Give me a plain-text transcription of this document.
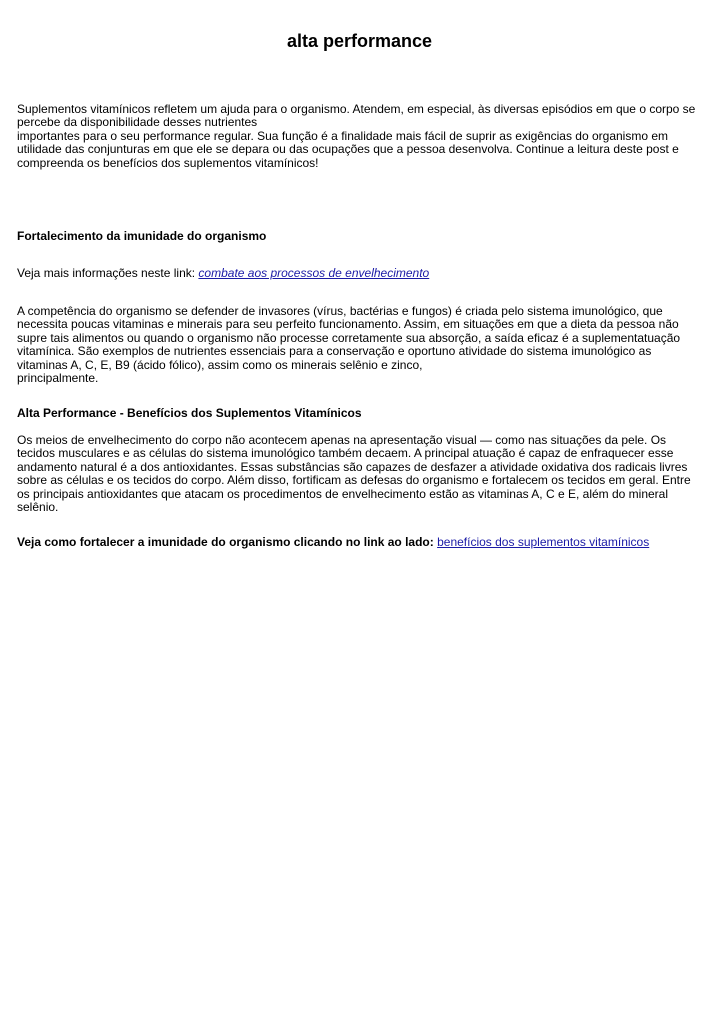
alta performance

Suplementos vitamínicos refletem um ajuda para o organismo. Atendem, em especial, às diversas episódios em que o corpo se
percebe da disponibilidade desses nutrientes
importantes para o seu performance regular. Sua função é a finalidade mais fácil de suprir as exigências do organismo em
utilidade das conjunturas em que ele se depara ou das ocupações que a pessoa desenvolva. Continue a leitura deste post e
compreenda os benefícios dos suplementos vitamínicos!

Fortalecimento da imunidade do organismo

Veja mais informações neste link: combate aos processos de envelhecimento

A competência do organismo se defender de invasores (vírus, bactérias e fungos) é criada pelo sistema imunológico, que
necessita poucas vitaminas e minerais para seu perfeito funcionamento. Assim, em situações em que a dieta da pessoa não
supre tais alimentos ou quando o organismo não processe corretamente sua absorção, a saída eficaz é a suplementatuação
vitamínica. São exemplos de nutrientes essenciais para a conservação e oportuno atividade do sistema imunológico as
vitaminas A, C, E, B9 (ácido fólico), assim como os minerais selênio e zinco,
principalmente.

Alta Performance - Benefícios dos Suplementos Vitamínicos

Os meios de envelhecimento do corpo não acontecem apenas na apresentação visual — como nas situações da pele. Os
tecidos musculares e as células do sistema imunológico também decaem. A principal atuação é capaz de enfraquecer esse
andamento natural é a dos antioxidantes. Essas substâncias são capazes de desfazer a atividade oxidativa dos radicais livres
sobre as células e os tecidos do corpo. Além disso, fortificam as defesas do organismo e fortalecem os tecidos em geral. Entre
os principais antioxidantes que atacam os procedimentos de envelhecimento estão as vitaminas A, C e E, além do mineral
selênio.

Veja como fortalecer a imunidade do organismo clicando no link ao lado: benefícios dos suplementos vitamínicos
